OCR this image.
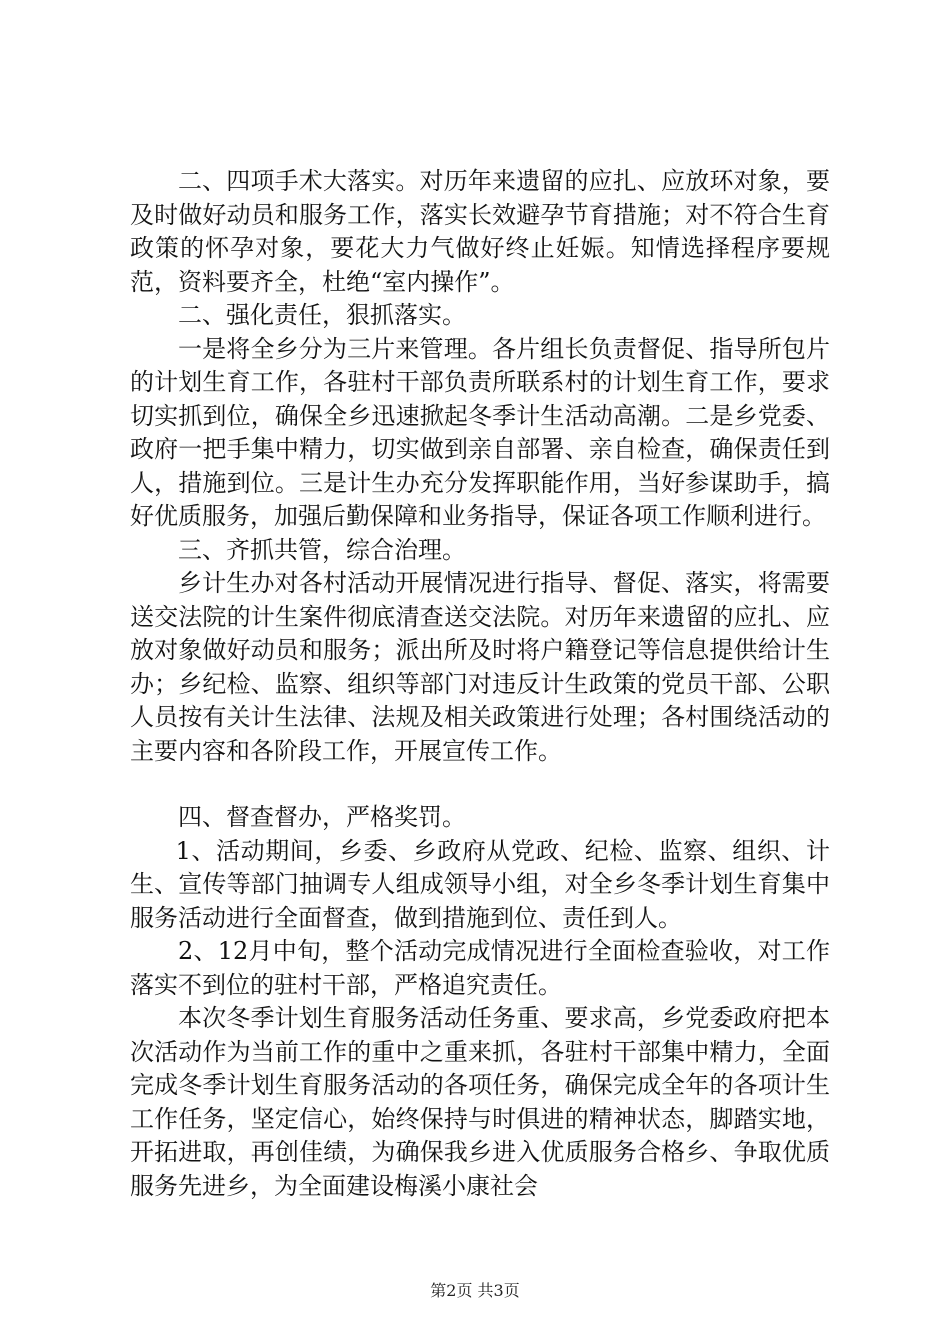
二、四项手术大落实。对历年来遗留的应扎、应放环对象，要及时做好动员和服务工作，落实长效避孕节育措施；对不符合生育政策的怀孕对象，要花大力气做好终止妊娠。知情选择程序要规范，资料要齐全，杜绝“室内操作”。

二、强化责任，狠抓落实。

一是将全乡分为三片来管理。各片组长负责督促、指导所包片的计划生育工作，各驻村干部负责所联系村的计划生育工作，要求切实抓到位，确保全乡迅速掀起冬季计生活动高潮。二是乡党委、政府一把手集中精力，切实做到亲自部署、亲自检查，确保责任到人，措施到位。三是计生办充分发挥职能作用，当好参谋助手，搞好优质服务，加强后勤保障和业务指导，保证各项工作顺利进行。

三、齐抓共管，综合治理。

乡计生办对各村活动开展情况进行指导、督促、落实，将需要送交法院的计生案件彻底清查送交法院。对历年来遗留的应扎、应放对象做好动员和服务；派出所及时将户籍登记等信息提供给计生办；乡纪检、监察、组织等部门对违反计生政策的党员干部、公职人员按有关计生法律、法规及相关政策进行处理；各村围绕活动的主要内容和各阶段工作，开展宣传工作。

四、督查督办，严格奖罚。

1、活动期间，乡委、乡政府从党政、纪检、监察、组织、计生、宣传等部门抽调专人组成领导小组，对全乡冬季计划生育集中服务活动进行全面督查，做到措施到位、责任到人。

2、12月中旬，整个活动完成情况进行全面检查验收，对工作落实不到位的驻村干部，严格追究责任。

本次冬季计划生育服务活动任务重、要求高，乡党委政府把本次活动作为当前工作的重中之重来抓，各驻村干部集中精力，全面完成冬季计划生育服务活动的各项任务，确保完成全年的各项计生工作任务，坚定信心，始终保持与时俱进的精神状态，脚踏实地，开拓进取，再创佳绩，为确保我乡进入优质服务合格乡、争取优质服务先进乡，为全面建设梅溪小康社会

第2页 共3页
